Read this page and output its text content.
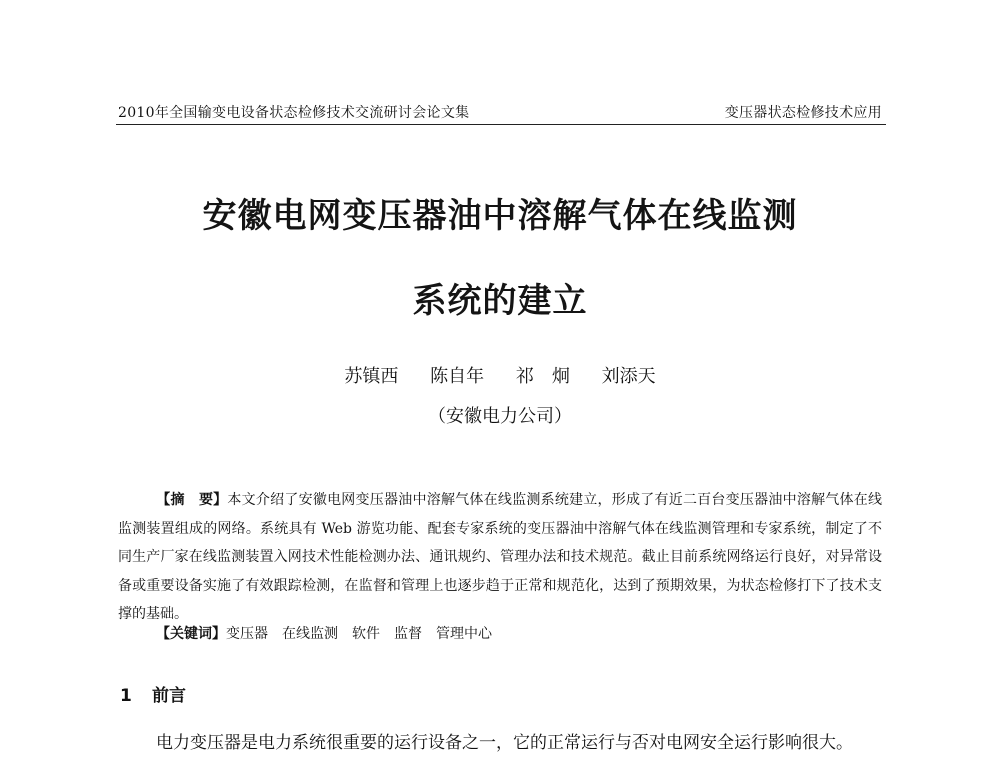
2010年全国输变电设备状态检修技术交流研讨会论文集	变压器状态检修技术应用
安徽电网变压器油中溶解气体在线监测
系统的建立
苏镇西 陈自年 祁　炯 刘添天
（安徽电力公司）
【摘　要】本文介绍了安徽电网变压器油中溶解气体在线监测系统建立，形成了有近二百台变压器油中溶解气体在线监测装置组成的网络。系统具有 Web 游览功能、配套专家系统的变压器油中溶解气体在线监测管理和专家系统，制定了不同生产厂家在线监测装置入网技术性能检测办法、通讯规约、管理办法和技术规范。截止目前系统网络运行良好，对异常设备或重要设备实施了有效跟踪检测，在监督和管理上也逐步趋于正常和规范化，达到了预期效果，为状态检修打下了技术支撑的基础。
【关键词】变压器 在线监测 软件 监督 管理中心
1 前言
电力变压器是电力系统很重要的运行设备之一，它的正常运行与否对电网安全运行影响很大。
